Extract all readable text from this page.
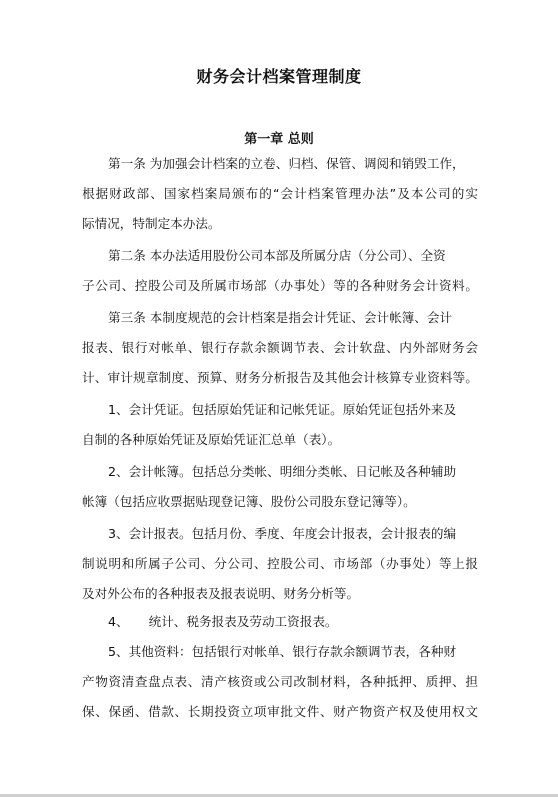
财务会计档案管理制度
第一章 总则
第一条 为加强会计档案的立卷、归档、保管、调阅和销毁工作，
根据财政部、国家档案局颁布的“会计档案管理办法”及本公司的实
际情况，特制定本办法。
第二条 本办法适用股份公司本部及所属分店（分公司）、全资
子公司、控股公司及所属市场部（办事处）等的各种财务会计资料。
第三条 本制度规范的会计档案是指会计凭证、会计帐簿、会计
报表、银行对帐单、银行存款余额调节表、会计软盘、内外部财务会
计、审计规章制度、预算、财务分析报告及其他会计核算专业资料等。
1、会计凭证。包括原始凭证和记帐凭证。原始凭证包括外来及
自制的各种原始凭证及原始凭证汇总单（表）。
2、会计帐簿。包括总分类帐、明细分类帐、日记帐及各种辅助
帐簿（包括应收票据贴现登记簿、股份公司股东登记簿等）。
3、会计报表。包括月份、季度、年度会计报表，会计报表的编
制说明和所属子公司、分公司、控股公司、市场部（办事处）等上报
及对外公布的各种报表及报表说明、财务分析等。
4、     统计、税务报表及劳动工资报表。
5、其他资料：包括银行对帐单、银行存款余额调节表，各种财
产物资清查盘点表、清产核资或公司改制材料，各种抵押、质押、担
保、保函、借款、长期投资立项审批文件、财产物资产权及使用权文
